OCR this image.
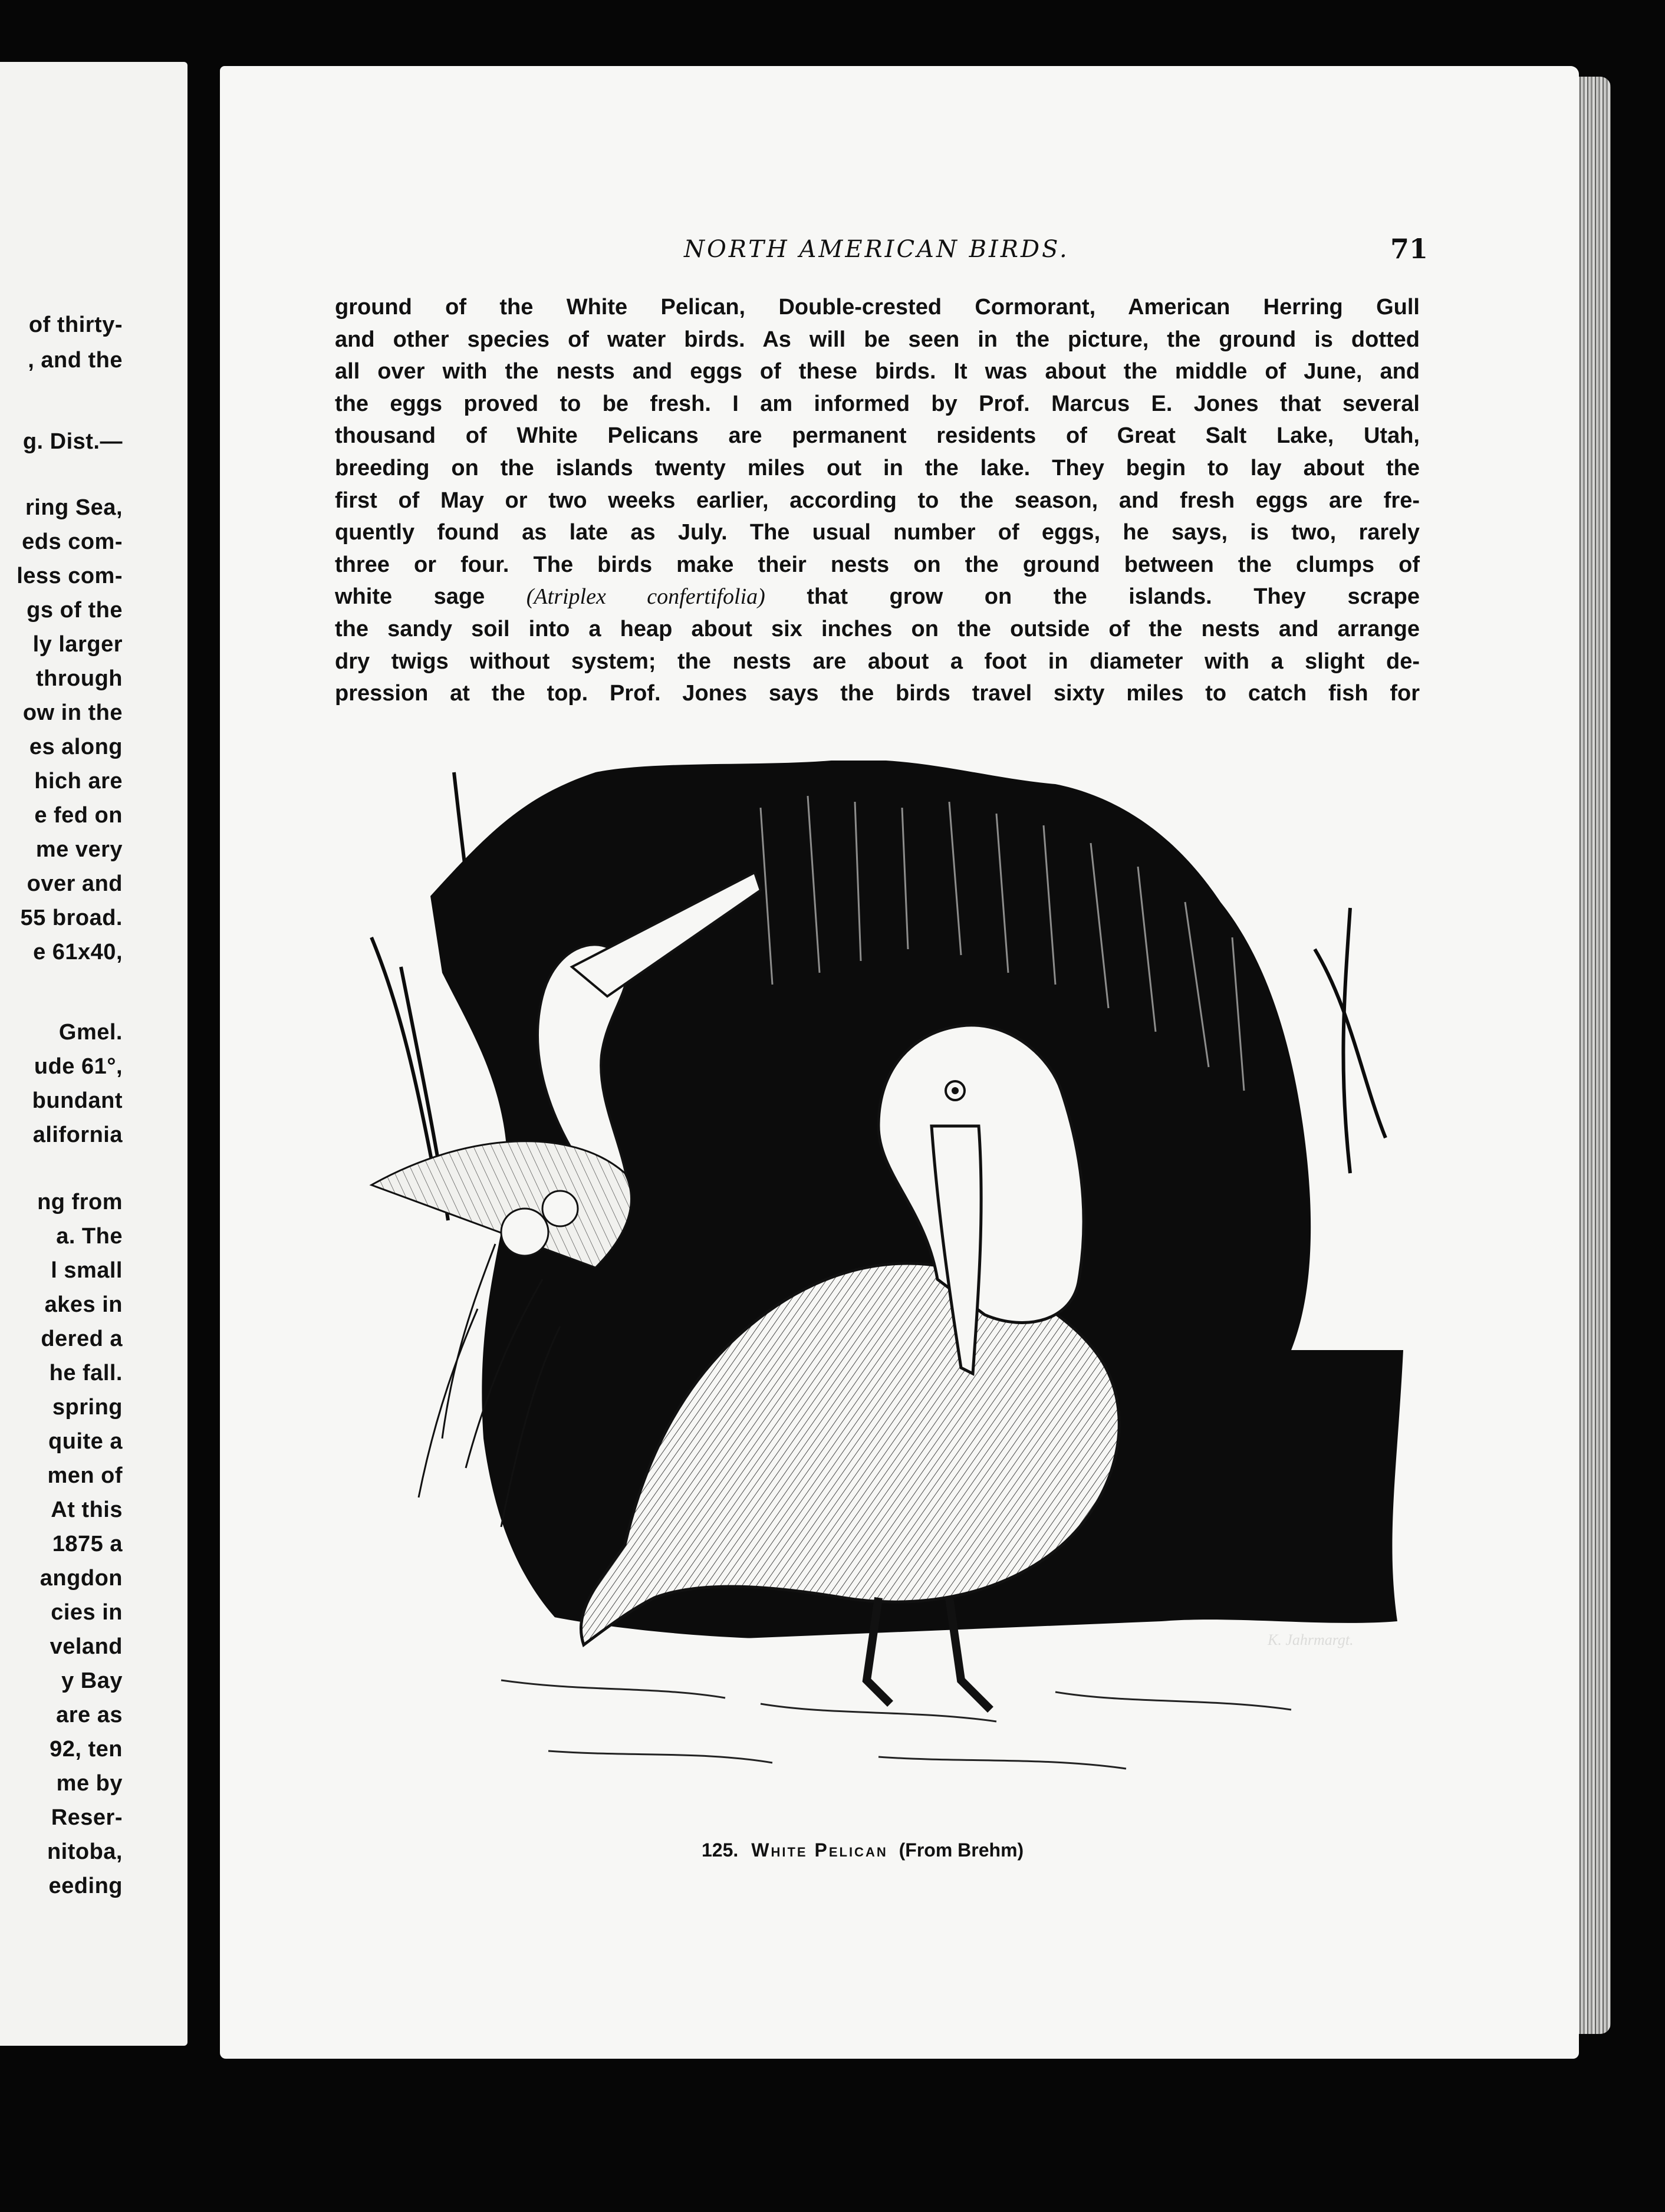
of thirty-
, and the
g. Dist.—
ring Sea,
eds com-
less com-
gs of the
ly larger
through
ow in the
es along
hich are
e fed on
me very
over and
55 broad.
e 61x40,
Gmel.
ude 61°,
bundant
alifornia
ng from
a. The
l small
akes in
dered a
he fall.
spring
quite a
men of
At this
1875 a
angdon
cies in
veland
y Bay
are as
92, ten
me by
Reser-
nitoba,
eeding
NORTH AMERICAN BIRDS.	71
ground of the White Pelican, Double-crested Cormorant, American Herring Gull
and other species of water birds. As will be seen in the picture, the ground is dotted
all over with the nests and eggs of these birds. It was about the middle of June, and
the eggs proved to be fresh. I am informed by Prof. Marcus E. Jones that several
thousand of White Pelicans are permanent residents of Great Salt Lake, Utah,
breeding on the islands twenty miles out in the lake. They begin to lay about the
first of May or two weeks earlier, according to the season, and fresh eggs are fre-
quently found as late as July. The usual number of eggs, he says, is two, rarely
three or four. The birds make their nests on the ground between the clumps of
white sage (Atriplex confertifolia) that grow on the islands. They scrape
the sandy soil into a heap about six inches on the outside of the nests and arrange
dry twigs without system; the nests are about a foot in diameter with a slight de-
pression at the top. Prof. Jones says the birds travel sixty miles to catch fish for
K. Jahrmargt.
125. White Pelican (From Brehm)
